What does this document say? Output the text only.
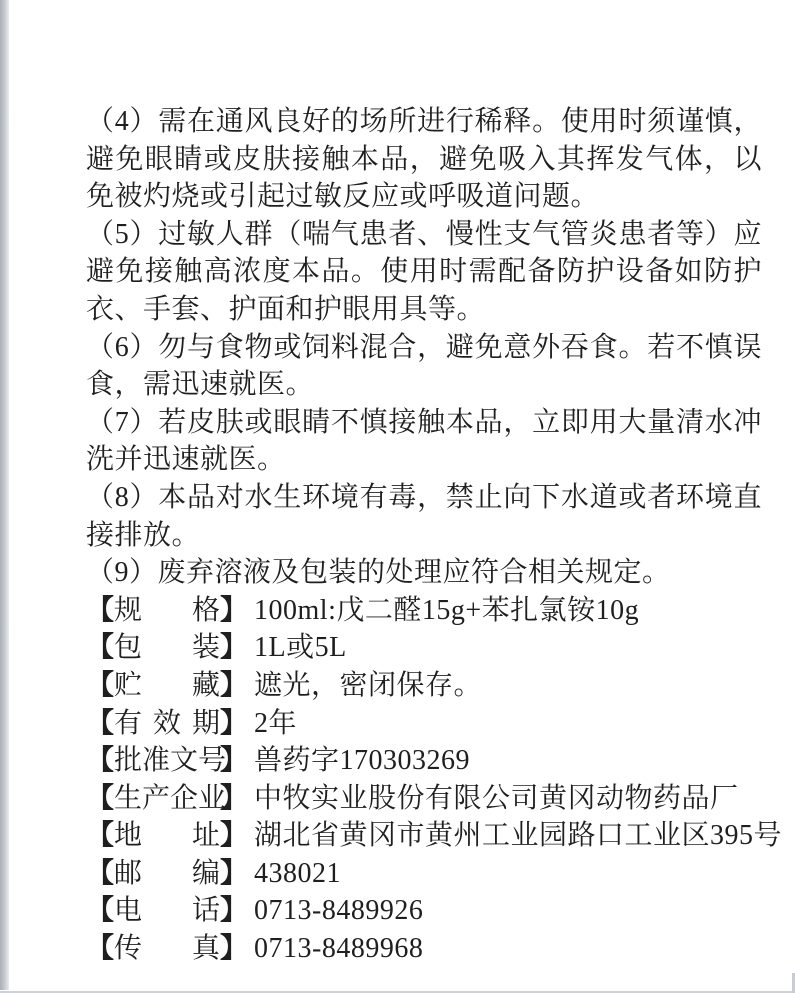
（4）需在通风良好的场所进行稀释。使用时须谨慎，避免眼睛或皮肤接触本品，避免吸入其挥发气体，以免被灼烧或引起过敏反应或呼吸道问题。

（5）过敏人群（喘气患者、慢性支气管炎患者等）应避免接触高浓度本品。使用时需配备防护设备如防护衣、手套、护面和护眼用具等。

（6）勿与食物或饲料混合，避免意外吞食。若不慎误食，需迅速就医。

（7）若皮肤或眼睛不慎接触本品，立即用大量清水冲洗并迅速就医。

（8）本品对水生环境有毒，禁止向下水道或者环境直接排放。

（9）废弃溶液及包装的处理应符合相关规定。

【规格】 100ml:戊二醛15g+苯扎氯铵10g
【包装】 1L或5L
【贮藏】 遮光，密闭保存。
【有效期】 2年
【批准文号】 兽药字170303269
【生产企业】 中牧实业股份有限公司黄冈动物药品厂
【地址】 湖北省黄冈市黄州工业园路口工业区395号
【邮编】 438021
【电话】 0713-8489926
【传真】 0713-8489968
